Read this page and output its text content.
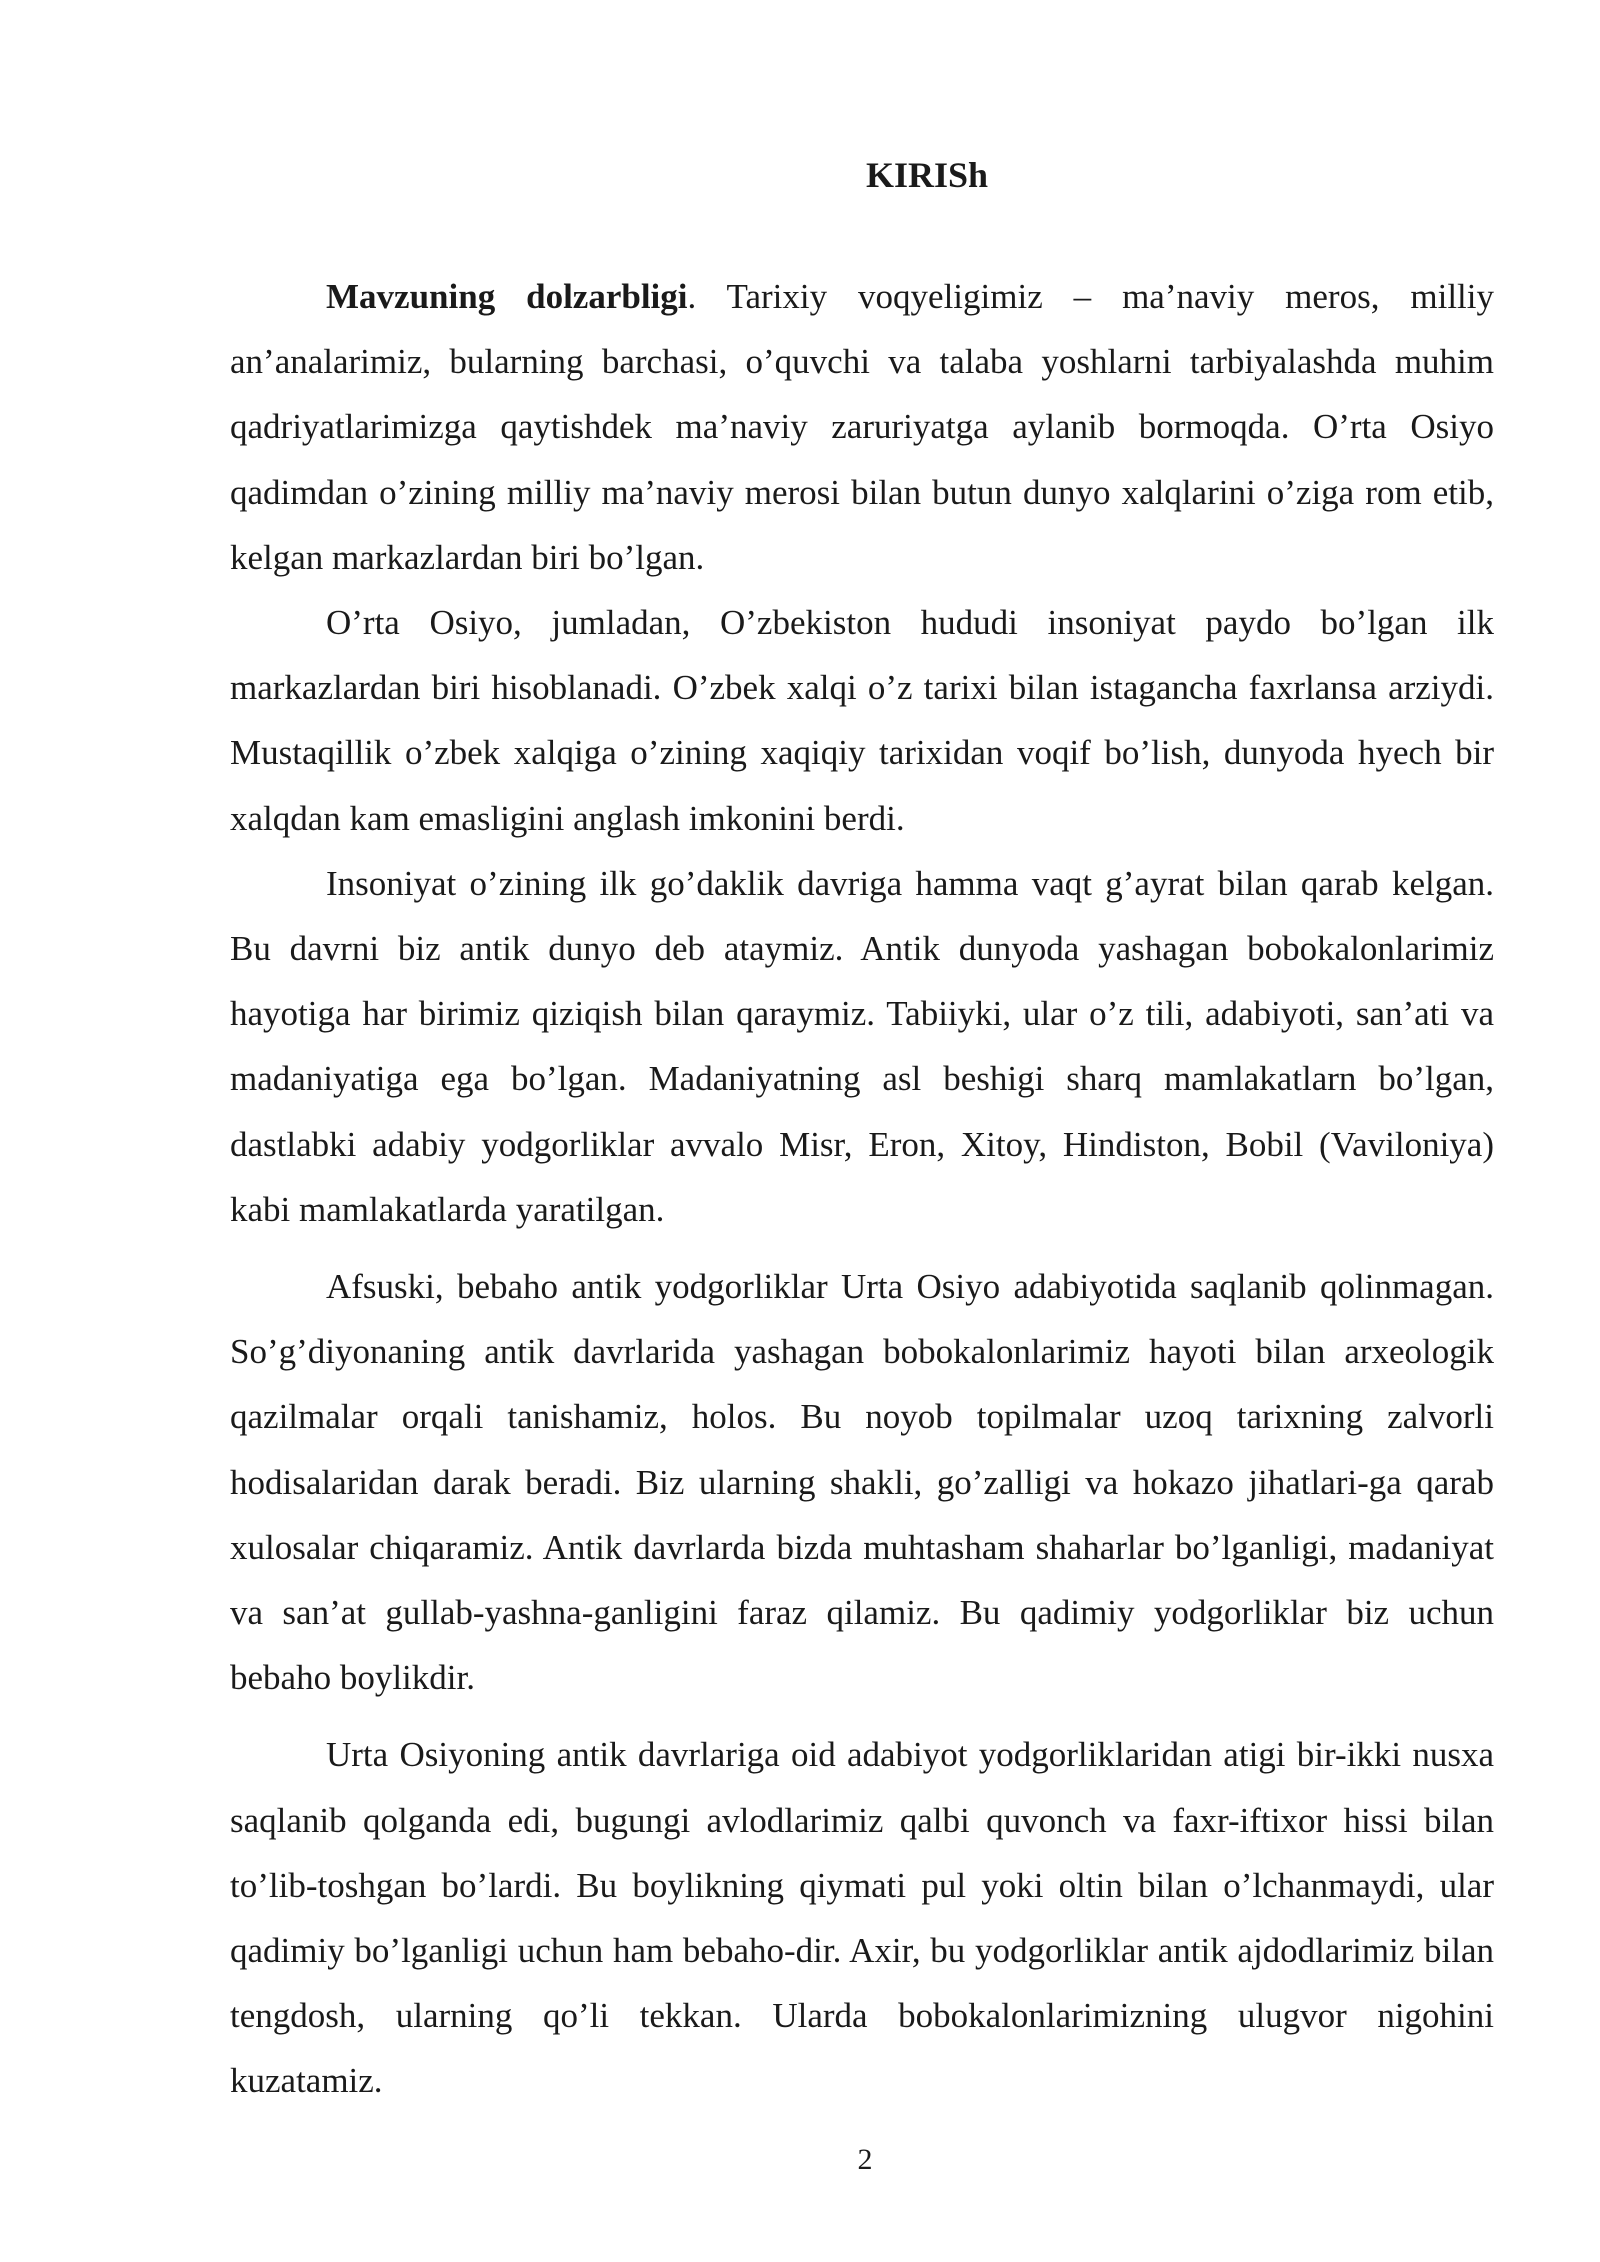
KIRISh

Mavzuning dolzarbligi. Tarixiy voqyeligimiz – ma’naviy meros, milliy an’analarimiz, bularning barchasi, o’quvchi va talaba yoshlarni tarbiyalashda muhim qadriyatlarimizga qaytishdek ma’naviy zaruriyatga aylanib bormoqda. O’rta Osiyo qadimdan o’zining milliy ma’naviy merosi bilan butun dunyo xalqlarini o’ziga rom etib, kelgan markazlardan biri bo’lgan.

O’rta Osiyo, jumladan, O’zbekiston hududi insoniyat paydo bo’lgan ilk markazlardan biri hisoblanadi. O’zbek xalqi o’z tarixi bilan istagancha faxrlansa arziydi. Mustaqillik o’zbek xalqiga o’zining xaqiqiy tarixidan voqif bo’lish, dunyoda hyech bir xalqdan kam emasligini anglash imkonini berdi.

Insoniyat o’zining ilk go’daklik davriga hamma vaqt g’ayrat bilan qarab kelgan. Bu davrni biz antik dunyo deb ataymiz. Antik dunyoda yashagan bobokalonlarimiz hayotiga har birimiz qiziqish bilan qaraymiz. Tabiiyki, ular o’z tili, adabiyoti, san’ati va madaniyatiga ega bo’lgan. Madaniyatning asl beshigi sharq mamlakatlarn bo’lgan, dastlabki adabiy yodgorliklar avvalo Misr, Eron, Xitoy, Hindiston, Bobil (Vaviloniya) kabi mamlakatlarda yaratilgan.

Afsuski, bebaho antik yodgorliklar Urta Osiyo adabiyotida saqlanib qolinmagan. So’g’diyonaning antik davrlarida yashagan bobokalonlarimiz hayoti bilan arxeologik qazilmalar orqali tanishamiz, holos. Bu noyob topilmalar uzoq tarixning zalvorli hodisalaridan darak beradi. Biz ularning shakli, go’zalligi va hokazo jihatlari-ga qarab xulosalar chiqaramiz. Antik davrlarda bizda muhtasham shaharlar bo’lganligi, madaniyat va san’at gullab-yashna-ganligini faraz qilamiz. Bu qadimiy yodgorliklar biz uchun bebaho boylikdir.

Urta Osiyoning antik davrlariga oid adabiyot yodgorliklaridan atigi bir-ikki nusxa saqlanib qolganda edi, bugungi avlodlarimiz qalbi quvonch va faxr-iftixor hissi bilan to’lib-toshgan bo’lardi. Bu boylikning qiymati pul yoki oltin bilan o’lchanmaydi, ular qadimiy bo’lganligi uchun ham bebaho-dir. Axir, bu yodgorliklar antik ajdodlarimiz bilan tengdosh, ularning qo’li tekkan. Ularda bobokalonlarimizning ulugvor nigohini kuzatamiz.

2
